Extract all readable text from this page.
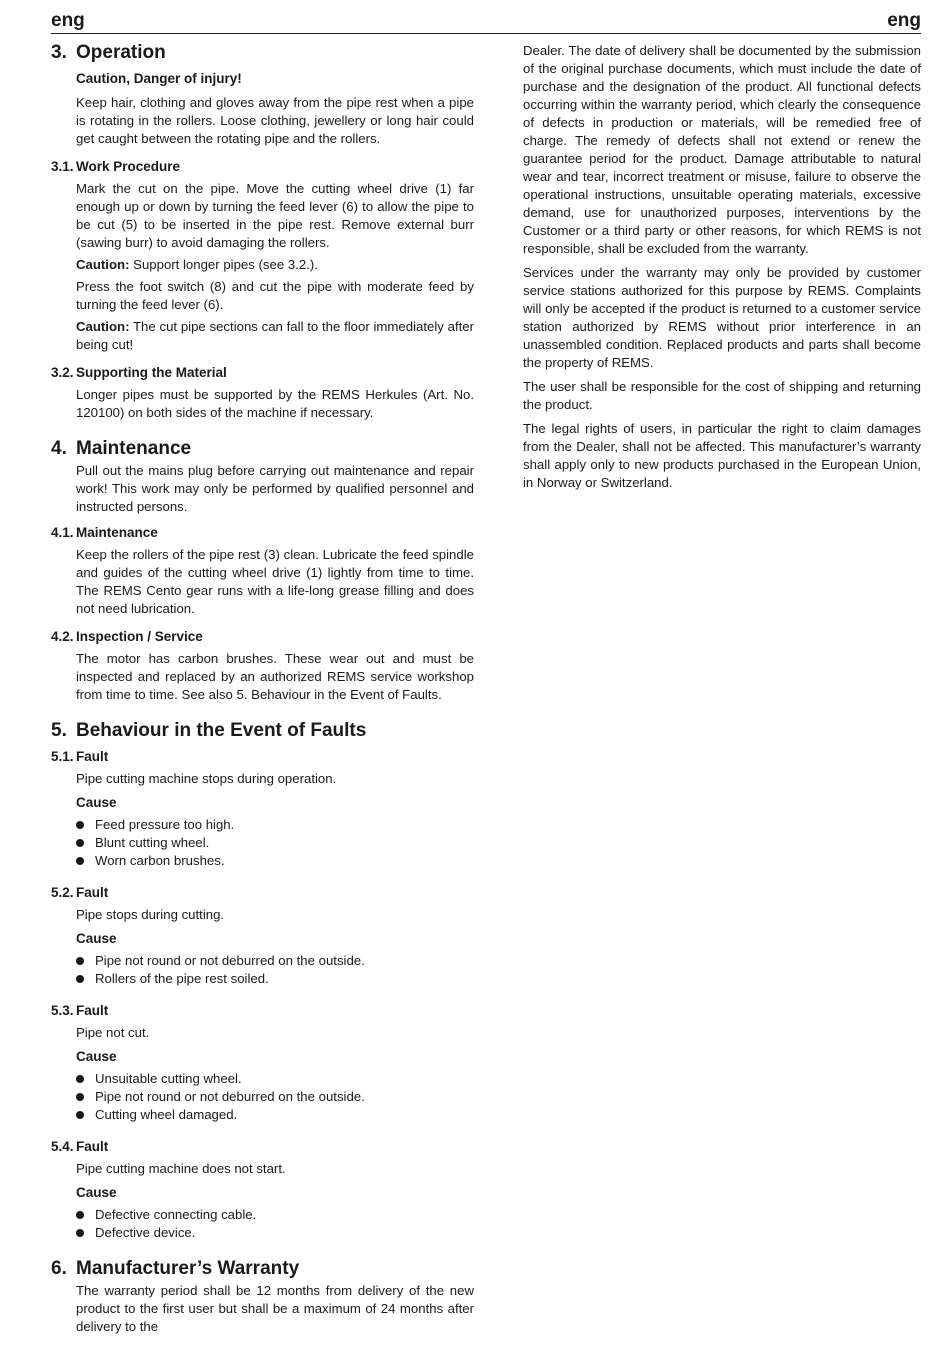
eng	eng
3. Operation
Caution, Danger of injury!

Keep hair, clothing and gloves away from the pipe rest when a pipe is rotating in the rollers. Loose clothing, jewellery or long hair could get caught between the rotating pipe and the rollers.

3.1. Work Procedure

Mark the cut on the pipe. Move the cutting wheel drive (1) far enough up or down by turning the feed lever (6) to allow the pipe to be cut (5) to be inserted in the pipe rest. Remove external burr (sawing burr) to avoid damaging the rollers.

Caution: Support longer pipes (see 3.2.).

Press the foot switch (8) and cut the pipe with moderate feed by turning the feed lever (6).

Caution: The cut pipe sections can fall to the floor immediately after being cut!

3.2. Supporting the Material

Longer pipes must be supported by the REMS Herkules (Art. No. 120100) on both sides of the machine if necessary.

4. Maintenance

Pull out the mains plug before carrying out maintenance and repair work! This work may only be performed by qualified personnel and instructed persons.

4.1. Maintenance

Keep the rollers of the pipe rest (3) clean. Lubricate the feed spindle and guides of the cutting wheel drive (1) lightly from time to time. The REMS Cento gear runs with a life-long grease filling and does not need lubrication.

4.2. Inspection / Service

The motor has carbon brushes. These wear out and must be inspected and replaced by an authorized REMS service workshop from time to time. See also 5. Behaviour in the Event of Faults.

5. Behaviour in the Event of Faults
5.1. Fault

Pipe cutting machine stops during operation.

Cause
Feed pressure too high.
Blunt cutting wheel.
Worn carbon brushes.
5.2. Fault

Pipe stops during cutting.

Cause
Pipe not round or not deburred on the outside.
Rollers of the pipe rest soiled.
5.3. Fault

Pipe not cut.

Cause
Unsuitable cutting wheel.
Pipe not round or not deburred on the outside.
Cutting wheel damaged.
5.4. Fault

Pipe cutting machine does not start.

Cause
Defective connecting cable.
Defective device.
6. Manufacturer’s Warranty

The warranty period shall be 12 months from delivery of the new product to the first user but shall be a maximum of 24 months after delivery to the

Dealer. The date of delivery shall be documented by the submission of the original purchase documents, which must include the date of purchase and the designation of the product. All functional defects occurring within the warranty period, which clearly the consequence of defects in production or materials, will be remedied free of charge. The remedy of defects shall not extend or renew the guarantee period for the product. Damage attributable to natural wear and tear, incorrect treatment or misuse, failure to observe the operational instructions, unsuitable operating materials, excessive demand, use for unauthorized purposes, interventions by the Customer or a third party or other reasons, for which REMS is not responsible, shall be excluded from the warranty.

Services under the warranty may only be provided by customer service stations authorized for this purpose by REMS. Complaints will only be accepted if the product is returned to a customer service station authorized by REMS without prior interference in an unassembled condition. Replaced products and parts shall become the property of REMS.

The user shall be responsible for the cost of shipping and returning the product.

The legal rights of users, in particular the right to claim damages from the Dealer, shall not be affected. This manufacturer’s warranty shall apply only to new products purchased in the European Union, in Norway or Switzerland.
